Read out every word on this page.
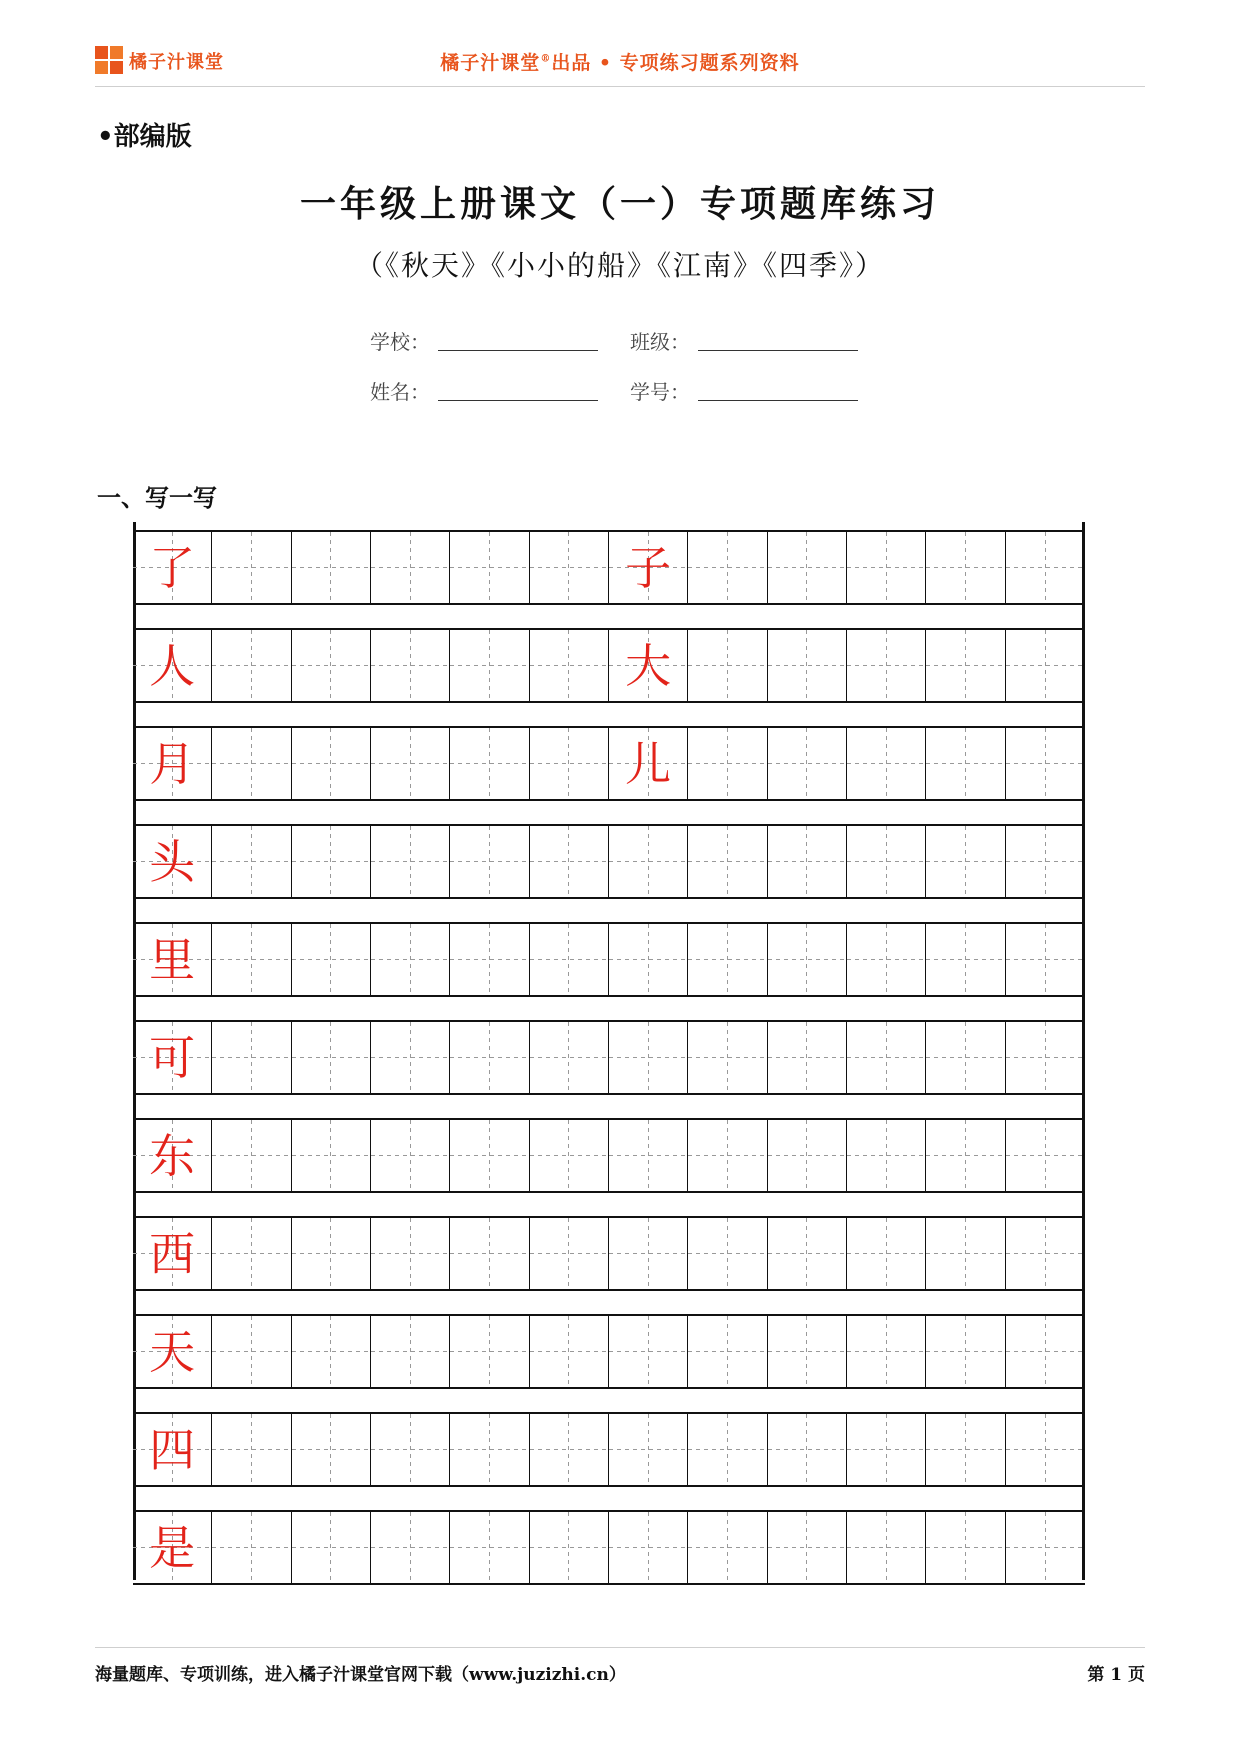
橘子汁课堂	橘子汁课堂®出品 • 专项练习题系列资料
•部编版
一年级上册课文（一）专项题库练习
（《秋天》《小小的船》《江南》《四季》）
学校：	班级：
姓名：	学号：
一、写一写
了	子
人	大
月	儿
头
里
可
东
西
天
四
是
海量题库、专项训练，进入橘子汁课堂官网下载（www.juzizhi.cn）	第 1 页
